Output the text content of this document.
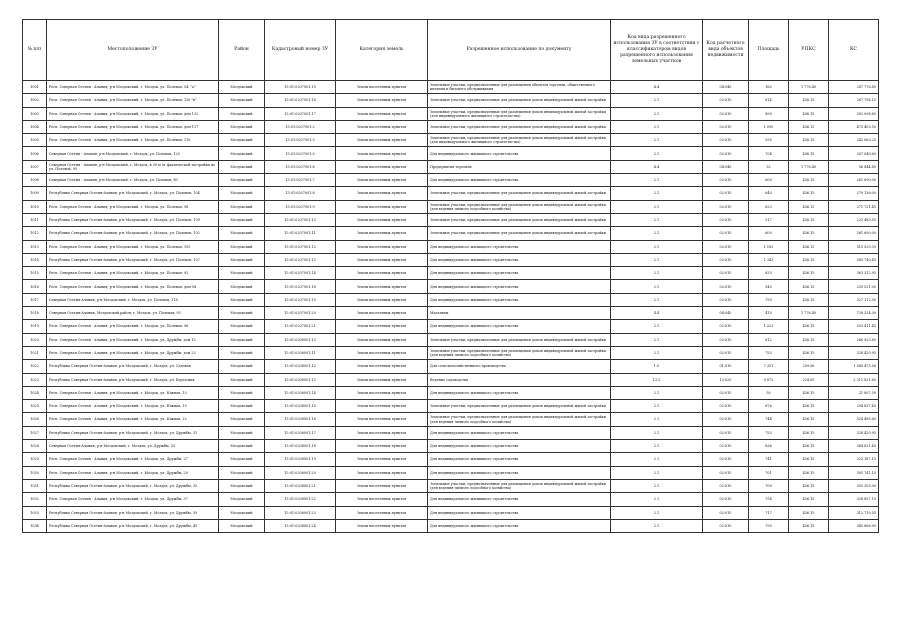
№ п/п	Местоположение ЗУ	Район	Кадастровый номер ЗУ	Категория земель	Разрешенное использование по документу	Код вида разрешенного использования ЗУ в соответствии с классификатором видов разрешенного использования земельных участков	Код расчетного вида объектов недвижимости	Площадь	УПКС	КС
1001	Респ. Северная Осетия - Алания, р-н Моздокский, г. Моздок, ул. Полевая, 54, "а"	Моздокский	15:01:0207001:15	Земли населенных пунктов	Земельные участки, предназначенные для размещения объектов торговли, общественного питания и бытового обслуживания	4.4	04:040	162	1 776.40	287 776.80
1002	Респ. Северная Осетия - Алания, р-н Моздокский, г. Моздок, ул. Полевая, 126 "в"	Моздокский	15:01:0207001:16	Земли населенных пунктов	Земельные участки, предназначенные для размещения домов индивидуальной жилой застройки	2.1	02:010	614	436.15	267 796.10
1003	Респ. Северная Осетия - Алания, р-н Моздокский, г. Моздок, ул. Полевая, дом 132	Моздокский	15:01:0207001:17	Земли населенных пунктов	Земельные участки, предназначенные для размещения домов индивидуальной жилой застройки (для индивидуального жилищного строительства)	2.1	02:010	899	436.15	392 098.85
1004	Респ. Северная Осетия - Алания, р-н Моздокский, г. Моздок, ул. Полевая, дом 117	Моздокский	15:01:0207001:2	Земли населенных пунктов	Земельные участки, предназначенные для размещения домов индивидуальной жилой застройки	2.1	02:010	1 090	436.15	475 403.50
1005	Респ. Северная Осетия - Алания, р-н Моздокский, г. Моздок, ул. Полевая, 116	Моздокский	15:01:0207001:3	Земли населенных пунктов	Земельные участки, предназначенные для размещения домов индивидуальной жилой застройки (для индивидуального жилищного строительства)	2.1	02:010	555	436.15	242 063.25
1006	Северная Осетия - Алания, р-н Моздокский, г. Моздок, ул. Полевая, 120	Моздокский	15:01:0207001:5	Земли населенных пунктов	Для индивидуального жилищного строительства	2.1	02:010	704	436.15	307 049.60
1007	Северная Осетия - Алания, р-н Моздокский, г. Моздок, в 30 м от фактической застройки по ул. Полевой, 95	Моздокский	15:01:0207001:6	Земли населенных пунктов	Предприятия торговли	4.4	04:040	32	1 776.40	56 844.80
1008	Северная Осетия - Алания, р-н Моздокский, г. Моздок, ул. Полевая, 80	Моздокский	15:01:0207001:7	Земли населенных пунктов	Для индивидуального жилищного строительства	2.1	02:010	600	436.15	261 690.00
1009	Республика Северная Осетия-Алания, р-н Моздокский, г. Моздок, ул. Полевая, 104	Моздокский	15:01:0207001:8	Земли населенных пунктов	Земельные участки, предназначенные для размещения домов индивидуальной жилой застройки	2.1	02:010	640	436.15	279 136.00
1010	Респ. Северная Осетия - Алания, р-н Моздокский, г. Моздок, ул. Полевая, 98	Моздокский	15:01:0207001:9	Земли населенных пунктов	Земельные участки, предназначенные для размещения домов индивидуальной жилой застройки (для ведения личного подсобного хозяйства)	2.1	02:010	623	436.15	271 721.45
1011	Республика Северная Осетия-Алания, р-н Моздокский, г. Моздок, ул. Полевая, 109	Моздокский	15:01:0207001:10	Земли населенных пунктов	Земельные участки, предназначенные для размещения домов индивидуальной жилой застройки	2.1	02:010	517	436.15	225 489.55
1012	Республика Северная Осетия-Алания, р-н Моздокский, г. Моздок, ул. Полевая, 102	Моздокский	15:01:0207001:11	Земли населенных пунктов	Земельные участки, предназначенные для размещения домов индивидуальной жилой застройки	2.1	02:010	600	436.15	261 690.00
1013	Респ. Северная Осетия - Алания, р-н Моздокский, г. Моздок, ул. Полевая, 105	Моздокский	15:01:0207001:12	Земли населенных пунктов	Для индивидуального жилищного строительства	2.1	02:010	1 182	436.15	515 529.30
1014	Республика Северная Осетия-Алания, р-н Моздокский, г. Моздок, ул. Полевая, 107	Моздокский	15:01:0207001:13	Земли населенных пунктов	Для индивидуального жилищного строительства	2.1	02:010	1 343	436.15	585 749.45
1015	Респ. Северная Осетия - Алания, р-н Моздокский, г. Моздок, ул. Полевая, 92	Моздокский	15:01:0207001:14	Земли населенных пунктов	Для индивидуального жилищного строительства	2.1	02:010	833	436.15	363 312.95
1016	Респ. Северная Осетия - Алания, р-н Моздокский, г. Моздок, ул. Полевая, дом 94	Моздокский	15:01:0207001:18	Земли населенных пунктов	Для индивидуального жилищного строительства	2.1	02:010	540	436.15	235 521.00
1017	Северная Осетия-Алания, р-н Моздокский, г. Моздок, ул. Полевая, 118	Моздокский	15:01:0207001:19	Земли населенных пунктов	Для индивидуального жилищного строительства	2.1	02:010	750	436.15	327 112.50
1018	Северная Осетия-Алания, Моздокский район, г. Моздок, ул. Полевая, 93	Моздокский	15:01:0207001:20	Земли населенных пунктов	Магазины	4.4	04:040	410	1 776.40	728 324.00
1019	Респ. Северная Осетия - Алания, р-н Моздокский, г. Моздок, ул. Полевая, 96	Моздокский	15:01:0207001:21	Земли населенных пунктов	Для индивидуального жилищного строительства	2.1	02:010	1 223	436.15	533 411.45
1020	Респ. Северная Осетия - Алания, р-н Моздокский, г. Моздок, ул. Дружбы, дом 15	Моздокский	15:01:0208001:10	Земли населенных пунктов	Земельные участки, предназначенные для размещения домов индивидуальной жилой застройки	2.1	02:010	612	436.15	266 923.80
1021	Респ. Северная Осетия - Алания, р-н Моздокский, г. Моздок, ул. Дружбы, дом 23	Моздокский	15:01:0208001:11	Земли населенных пунктов	Земельные участки, предназначенные для размещения домов индивидуальной жилой застройки (для ведения личного подсобного хозяйства)	2.1	02:010	753	436.15	328 420.95
1022	Республика Северная Осетия-Алания, р-н Моздокский, г. Моздок, ул. Садовая	Моздокский	15:01:0208001:12	Земли населенных пунктов	Для сельскохозяйственного производства	1.0	01:010	7 351	209.56	1 540 475.56
1023	Республика Северная Осетия-Алания, р-н Моздокский, г. Моздок, ул. Березовая	Моздокский	15:01:0208001:13	Земли населенных пунктов	Ведение садоводства	13.2	13:020	9 872	224.05	2 211 821.60
1024	Респ. Северная Осетия - Алания, р-н Моздокский, г. Моздок, ул. Южная, 13	Моздокский	15:01:0208001:14	Земли населенных пунктов	Для индивидуального жилищного строительства	2.1	02:010	50	436.15	21 807.50
1025	Респ. Северная Осетия - Алания, р-н Моздокский, г. Моздок, ул. Южная, 19	Моздокский	15:01:0208001:15	Земли населенных пунктов	Земельные участки, предназначенные для размещения домов индивидуальной жилой застройки	2.1	02:010	676	436.15	294 837.40
1026	Респ. Северная Осетия - Алания, р-н Моздокский, г. Моздок, ул. Южная, 22	Моздокский	15:01:0208001:16	Земли населенных пунктов	Земельные участки, предназначенные для размещения домов индивидуальной жилой застройки (для ведения личного подсобного хозяйства)	2.1	02:010	744	436.15	324 495.60
1027	Республика Северная Осетия-Алания, р-н Моздокский, г. Моздок, ул. Дружбы, 31	Моздокский	15:01:0208001:17	Земли населенных пунктов	Для индивидуального жилищного строительства	2.1	02:010	753	436.15	328 420.95
1028	Северная Осетия-Алания, р-н Моздокский, г. Моздок, ул. Дружбы, 33	Моздокский	15:01:0208001:18	Земли населенных пунктов	Для индивидуального жилищного строительства	2.1	02:010	836	436.15	364 621.40
1029	Респ. Северная Осетия - Алания, р-н Моздокский, г. Моздок, ул. Дружбы, 27	Моздокский	15:01:0208001:19	Земли населенных пунктов	Для индивидуального жилищного строительства	2.1	02:010	741	436.15	323 187.15
1030	Респ. Северная Осетия - Алания, р-н Моздокский, г. Моздок, ул. Дружбы, 29	Моздокский	15:01:0208001:20	Земли населенных пунктов	Для индивидуального жилищного строительства	2.1	02:010	701	436.15	305 741.15
1031	Республика Северная Осетия-Алания, р-н Моздокский, г. Моздок, ул. Дружбы, 35	Моздокский	15:01:0208001:21	Земли населенных пунктов	Земельные участки, предназначенные для размещения домов индивидуальной жилой застройки (для ведения личного подсобного хозяйства)	2.1	02:010	700	436.15	305 305.00
1032	Респ. Северная Осетия - Алания, р-н Моздокский, г. Моздок, ул. Дружбы, 37	Моздокский	15:01:0208001:22	Земли населенных пунктов	Для индивидуального жилищного строительства	2.1	02:010	754	436.15	328 857.10
1033	Республика Северная Осетия-Алания, р-н Моздокский, г. Моздок, ул. Дружбы, 39	Моздокский	15:01:0208001:23	Земли населенных пунктов	Для индивидуального жилищного строительства	2.1	02:010	717	436.15	312 719.55
1034	Республика Северная Осетия-Алания, р-н Моздокский, г. Моздок, ул. Дружбы, 41	Моздокский	15:01:0208001:24	Земли населенных пунктов	Для индивидуального жилищного строительства	2.1	02:010	793	436.15	345 866.95
